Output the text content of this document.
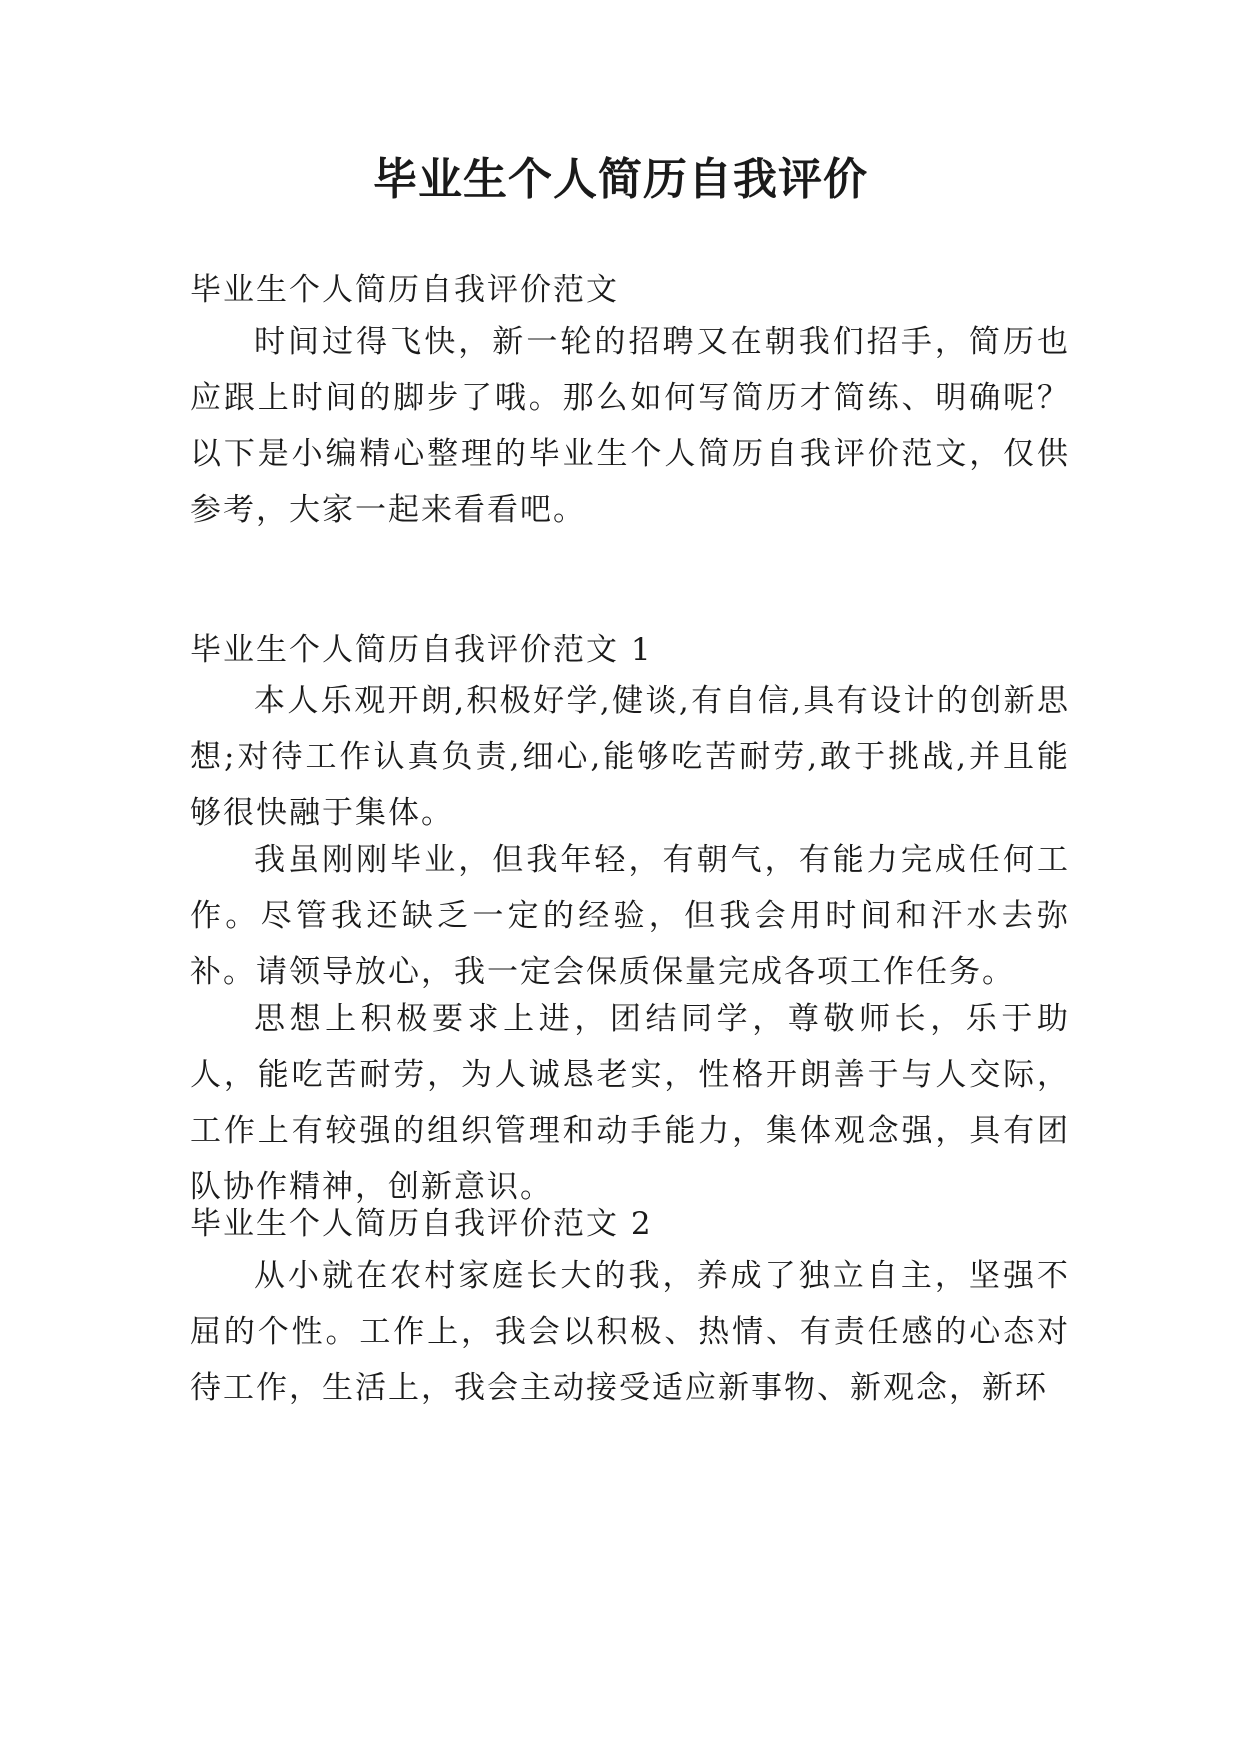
毕业生个人简历自我评价

毕业生个人简历自我评价范文

时间过得飞快，新一轮的招聘又在朝我们招手，简历也应跟上时间的脚步了哦。那么如何写简历才简练、明确呢？以下是小编精心整理的毕业生个人简历自我评价范文，仅供参考，大家一起来看看吧。

毕业生个人简历自我评价范文 1

本人乐观开朗,积极好学,健谈,有自信,具有设计的创新思想;对待工作认真负责,细心,能够吃苦耐劳,敢于挑战,并且能够很快融于集体。

我虽刚刚毕业，但我年轻，有朝气，有能力完成任何工作。尽管我还缺乏一定的经验，但我会用时间和汗水去弥补。请领导放心，我一定会保质保量完成各项工作任务。

思想上积极要求上进，团结同学，尊敬师长，乐于助人，能吃苦耐劳，为人诚恳老实，性格开朗善于与人交际，工作上有较强的组织管理和动手能力，集体观念强，具有团队协作精神，创新意识。

毕业生个人简历自我评价范文 2

从小就在农村家庭长大的我，养成了独立自主，坚强不屈的个性。工作上，我会以积极、热情、有责任感的心态对待工作，生活上，我会主动接受适应新事物、新观念，新环
